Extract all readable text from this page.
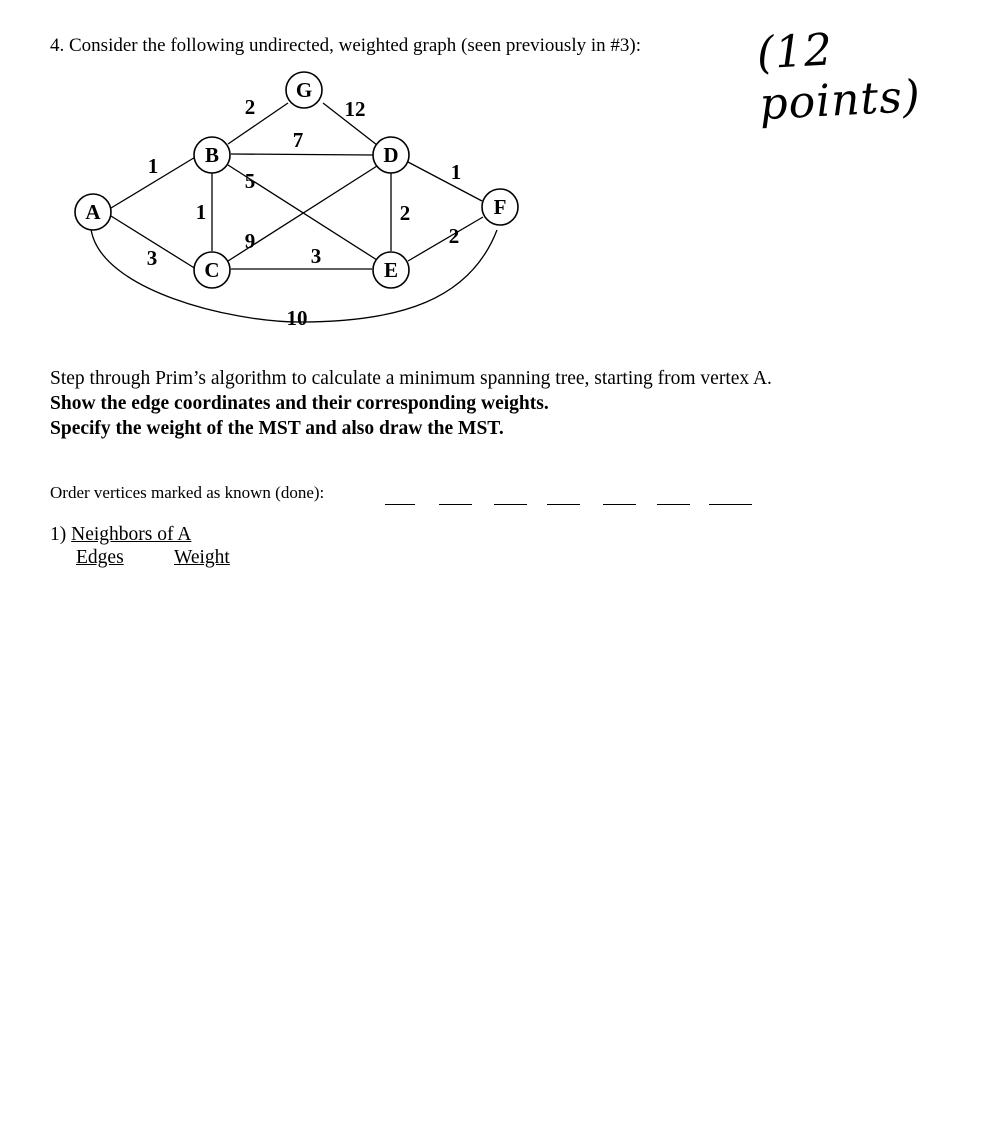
4. Consider the following undirected, weighted graph (seen previously in #3):	(12 points)
A
B
C
D
E
F
G
1
3
10
2	12
7
1
5
9
3
2
1
2
Step through Prim’s algorithm to calculate a minimum spanning tree, starting from vertex A.
Show the edge coordinates and their corresponding weights.
Specify the weight of the MST and also draw the MST.
Order vertices marked as known (done):
1) Neighbors of A
Edges	Weight
